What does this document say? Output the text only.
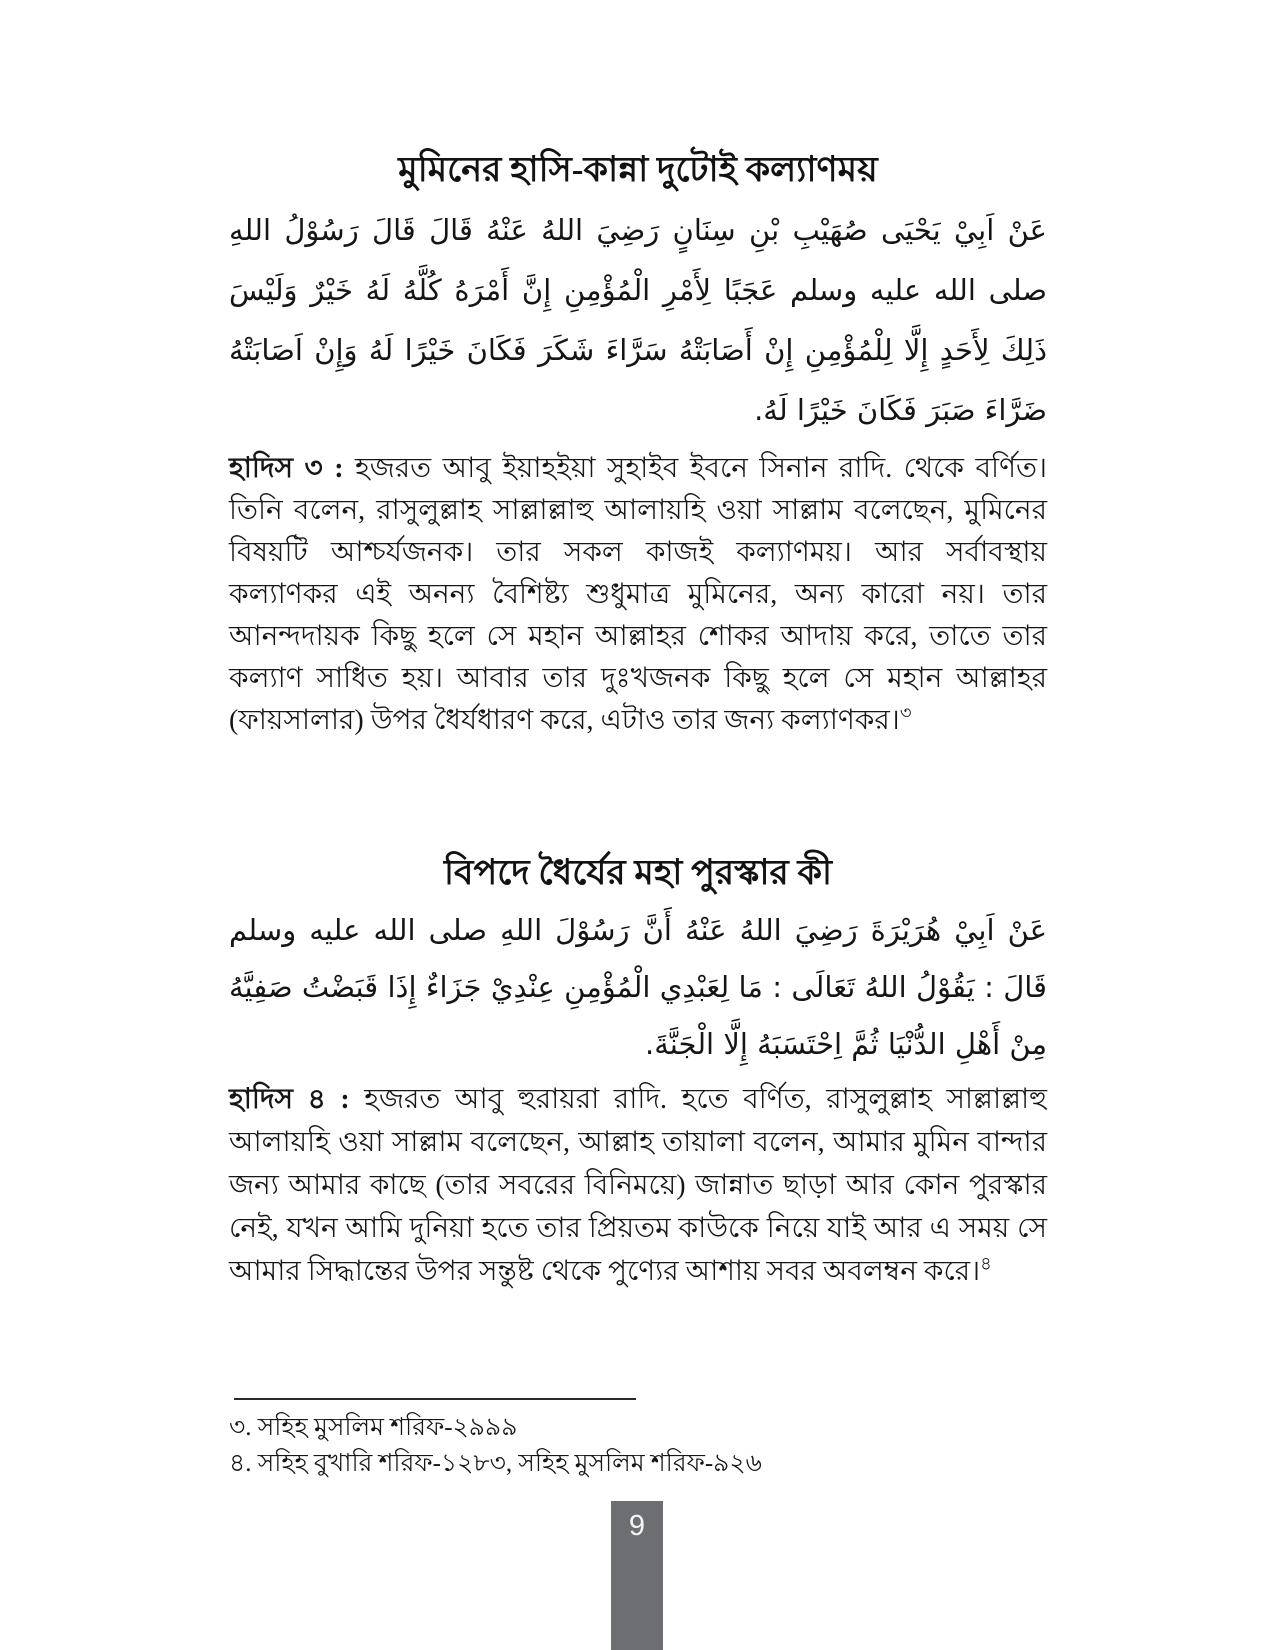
মুমিনের হাসি-কান্না দুটোই কল্যাণময়

عَنْ اَبِيْ يَحْيَى صُهَيْبِ بْنِ سِنَانٍ رَضِيَ اللهُ عَنْهُ قَالَ قَالَ رَسُوْلُ اللهِ صلى الله عليه وسلم عَجَبًا لِأَمْرِ الْمُؤْمِنِ إِنَّ أَمْرَهُ كُلَّهُ لَهُ خَيْرٌ وَلَيْسَ ذَلِكَ لِأَحَدٍ إِلَّا لِلْمُؤْمِنِ إِنْ أَصَابَتْهُ سَرَّاءَ شَكَرَ فَكَانَ خَيْرًا لَهُ وَإِنْ اَصَابَتْهُ ضَرَّاءَ صَبَرَ فَكَانَ خَيْرًا لَهُ.

হাদিস ৩ : হজরত আবু ইয়াহইয়া সুহাইব ইবনে সিনান রাদি. থেকে বর্ণিত। তিনি বলেন, রাসুলুল্লাহ সাল্লাল্লাহু আলায়হি ওয়া সাল্লাম বলেছেন, মুমিনের বিষয়টি আশ্চর্যজনক। তার সকল কাজই কল্যাণময়। আর সর্বাবস্থায় কল্যাণকর এই অনন্য বৈশিষ্ট্য শুধুমাত্র মুমিনের, অন্য কারো নয়। তার আনন্দদায়ক কিছু হলে সে মহান আল্লাহর শোকর আদায় করে, তাতে তার কল্যাণ সাধিত হয়। আবার তার দুঃখজনক কিছু হলে সে মহান আল্লাহর (ফায়সালার) উপর ধৈর্যধারণ করে, এটাও তার জন্য কল্যাণকর।$^৩$

বিপদে ধৈর্যের মহা পুরস্কার কী

عَنْ اَبِيْ هُرَيْرَةَ رَضِيَ اللهُ عَنْهُ أَنَّ رَسُوْلَ اللهِ صلى الله عليه وسلم قَالَ : يَقُوْلُ اللهُ تَعَالَى : مَا لِعَبْدِي الْمُؤْمِنِ عِنْدِيْ جَزَاءٌ إِذَا قَبَضْتُ صَفِيَّهُ مِنْ أَهْلِ الدُّنْيَا ثُمَّ اِحْتَسَبَهُ إِلَّا الْجَنَّةَ.

হাদিস ৪ : হজরত আবু হুরায়রা রাদি. হতে বর্ণিত, রাসুলুল্লাহ সাল্লাল্লাহু আলায়হি ওয়া সাল্লাম বলেছেন, আল্লাহ তায়ালা বলেন, আমার মুমিন বান্দার জন্য আমার কাছে (তার সবরের বিনিময়ে) জান্নাত ছাড়া আর কোন পুরস্কার নেই, যখন আমি দুনিয়া হতে তার প্রিয়তম কাউকে নিয়ে যাই আর এ সময় সে আমার সিদ্ধান্তের উপর সন্তুষ্ট থেকে পুণ্যের আশায় সবর অবলম্বন করে।$^৪$

৩. সহিহ মুসলিম শরিফ-২৯৯৯

৪. সহিহ বুখারি শরিফ-১২৮৩, সহিহ মুসলিম শরিফ-৯২৬

9
